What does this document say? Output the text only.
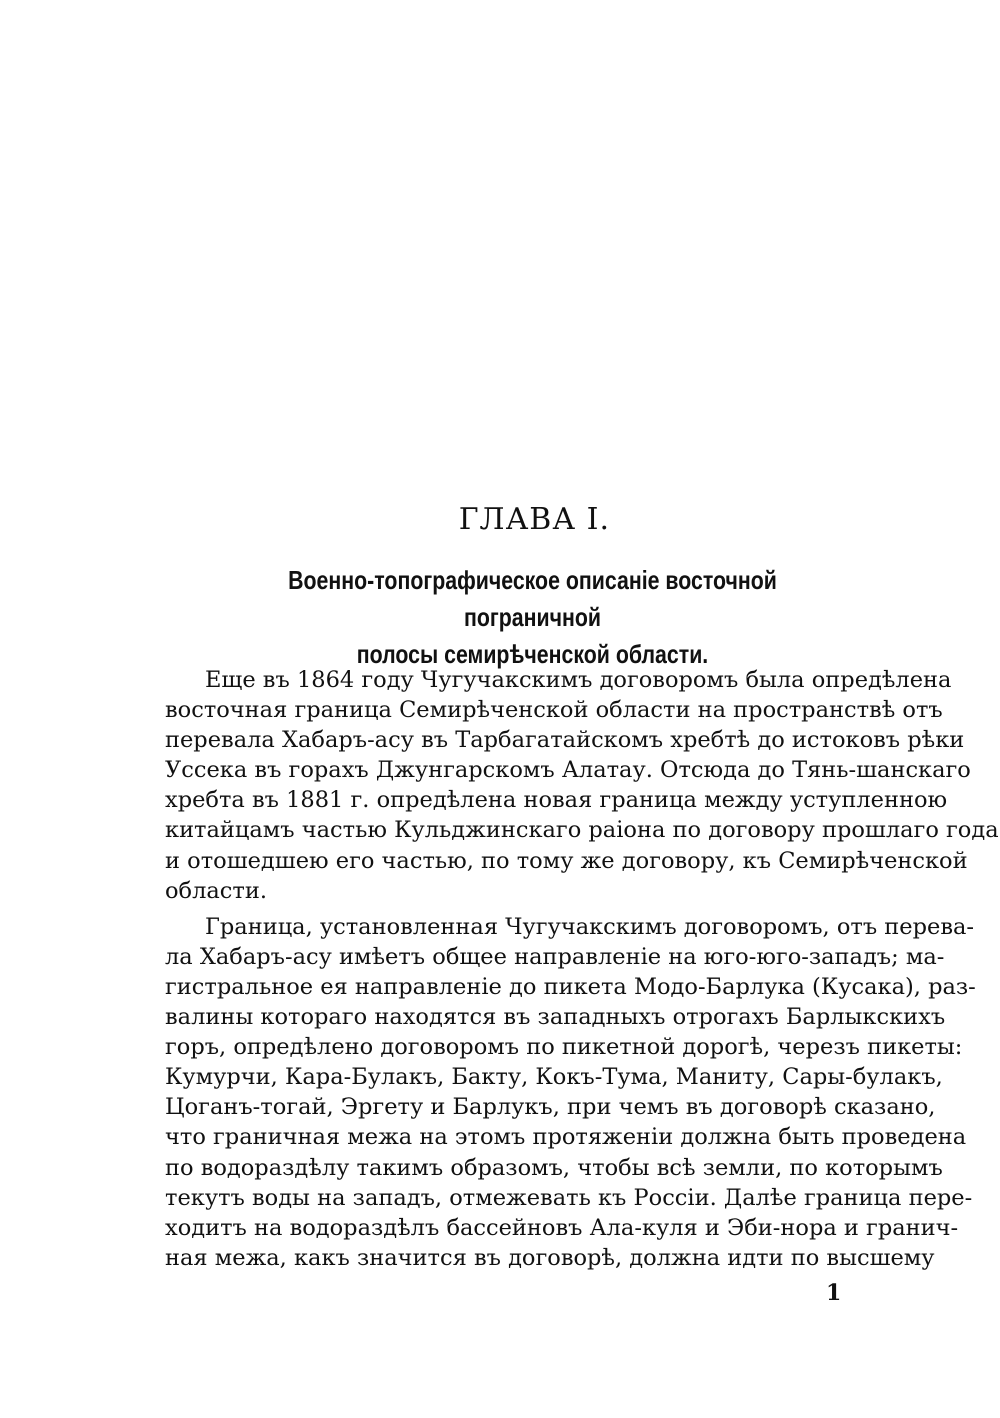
ГЛАВА I.
Военно-топографическое описаніе восточной пограничной
полосы семирѣченской области.
Еще въ 1864 году Чугучакскимъ договоромъ была опредѣлена
восточная граница Семирѣченской области на пространствѣ отъ
перевала Хабаръ-асу въ Тарбагатайскомъ хребтѣ до истоковъ рѣки
Уссека въ горахъ Джунгарскомъ Алатау. Отсюда до Тянь-шанскаго
хребта въ 1881 г. опредѣлена новая граница между уступленною
китайцамъ частью Кульджинскаго раіона по договору прошлаго года
и отошедшею его частью, по тому же договору, къ Семирѣченской
области.
Граница, установленная Чугучакскимъ договоромъ, отъ перева-
ла Хабаръ-асу имѣетъ общее направленіе на юго-юго-западъ; ма-
гистральное ея направленіе до пикета Модо-Барлука (Кусака), раз-
валины котораго находятся въ западныхъ отрогахъ Барлыкскихъ
горъ, опредѣлено договоромъ по пикетной дорогѣ, черезъ пикеты:
Кумурчи, Кара-Булакъ, Бакту, Кокъ-Тума, Маниту, Сары-булакъ,
Цоганъ-тогай, Эргету и Барлукъ, при чемъ въ договорѣ сказано,
что граничная межа на этомъ протяженіи должна быть проведена
по водораздѣлу такимъ образомъ, чтобы всѣ земли, по которымъ
текутъ воды на западъ, отмежевать къ Россіи. Далѣе граница пере-
ходитъ на водораздѣлъ бассейновъ Ала-куля и Эби-нора и гранич-
ная межа, какъ значится въ договорѣ, должна идти по высшему
1
